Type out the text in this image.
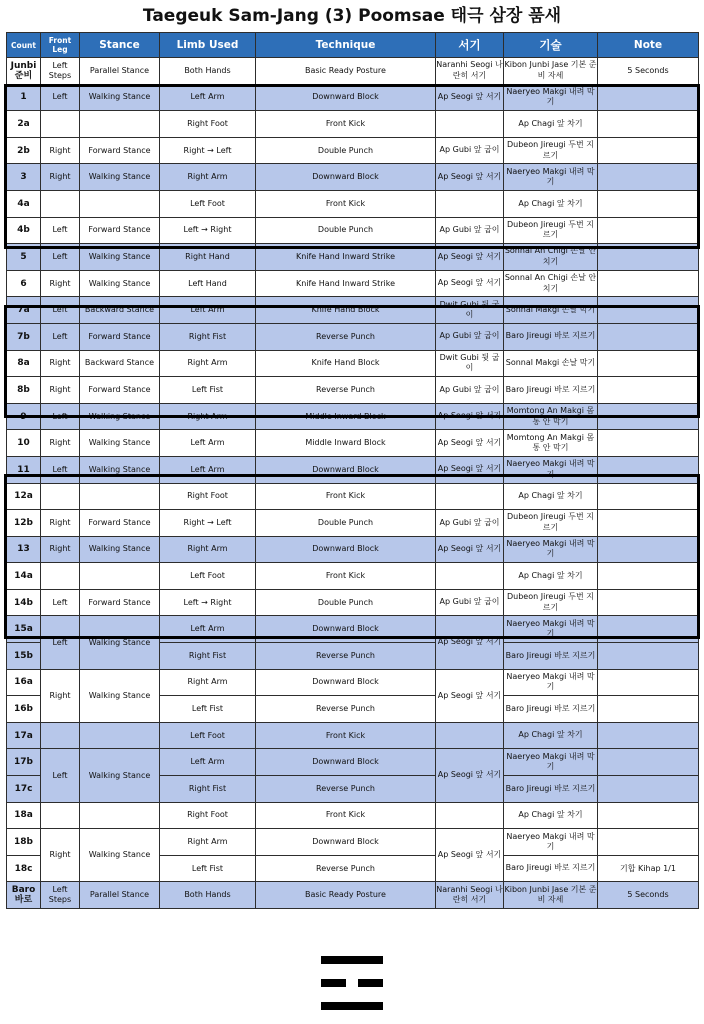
Taegeuk Sam-Jang (3) Poomsae 태극 삼장 품새
Count	Front Leg	Stance	Limb Used	Technique	서기	기술	Note
Junbi 준비	Left Steps	Parallel Stance	Both Hands	Basic Ready Posture	Naranhi Seogi 나란히 서기	Kibon Junbi Jase 기본 준비 자세	5 Seconds
1	Left	Walking Stance	Left Arm	Downward Block	Ap Seogi 앞 서기	Naeryeo Makgi 내려 막기	
2a			Right Foot	Front Kick		Ap Chagi 앞 차기	
2b	Right	Forward Stance	Right → Left	Double Punch	Ap Gubi 앞 굽이	Dubeon Jireugi 두번 지르기	
3	Right	Walking Stance	Right Arm	Downward Block	Ap Seogi 앞 서기	Naeryeo Makgi 내려 막기	
4a			Left Foot	Front Kick		Ap Chagi 앞 차기	
4b	Left	Forward Stance	Left → Right	Double Punch	Ap Gubi 앞 굽이	Dubeon Jireugi 두번 지르기	
5	Left	Walking Stance	Right Hand	Knife Hand Inward Strike	Ap Seogi 앞 서기	Sonnal An Chigi 손날 안 치기	
6	Right	Walking Stance	Left Hand	Knife Hand Inward Strike	Ap Seogi 앞 서기	Sonnal An Chigi 손날 안 치기	
7a	Left	Backward Stance	Left Arm	Knife Hand Block	Dwit Gubi 뒷 굽이	Sonnal Makgi 손날 막기	
7b	Left	Forward Stance	Right Fist	Reverse Punch	Ap Gubi 앞 굽이	Baro Jireugi 바로 지르기	
8a	Right	Backward Stance	Right Arm	Knife Hand Block	Dwit Gubi 뒷 굽이	Sonnal Makgi 손날 막기	
8b	Right	Forward Stance	Left Fist	Reverse Punch	Ap Gubi 앞 굽이	Baro Jireugi 바로 지르기	
9	Left	Walking Stance	Right Arm	Middle Inward Block	Ap Seogi 앞 서기	Momtong An Makgi 몸통 안 막기	
10	Right	Walking Stance	Left Arm	Middle Inward Block	Ap Seogi 앞 서기	Momtong An Makgi 몸통 안 막기	
11	Left	Walking Stance	Left Arm	Downward Block	Ap Seogi 앞 서기	Naeryeo Makgi 내려 막기	
12a			Right Foot	Front Kick		Ap Chagi 앞 차기	
12b	Right	Forward Stance	Right → Left	Double Punch	Ap Gubi 앞 굽이	Dubeon Jireugi 두번 지르기	
13	Right	Walking Stance	Right Arm	Downward Block	Ap Seogi 앞 서기	Naeryeo Makgi 내려 막기	
14a			Left Foot	Front Kick		Ap Chagi 앞 차기	
14b	Left	Forward Stance	Left → Right	Double Punch	Ap Gubi 앞 굽이	Dubeon Jireugi 두번 지르기	
15a	Left	Walking Stance	Left Arm	Downward Block	Ap Seogi 앞 서기	Naeryeo Makgi 내려 막기	
15b			Right Fist	Reverse Punch		Baro Jireugi 바로 지르기	
16a	Right	Walking Stance	Right Arm	Downward Block	Ap Seogi 앞 서기	Naeryeo Makgi 내려 막기	
16b			Left Fist	Reverse Punch		Baro Jireugi 바로 지르기	
17a			Left Foot	Front Kick		Ap Chagi 앞 차기	
17b	Left	Walking Stance	Left Arm	Downward Block	Ap Seogi 앞 서기	Naeryeo Makgi 내려 막기	
17c			Right Fist	Reverse Punch		Baro Jireugi 바로 지르기	
18a			Right Foot	Front Kick		Ap Chagi 앞 차기	
18b	Right	Walking Stance	Right Arm	Downward Block	Ap Seogi 앞 서기	Naeryeo Makgi 내려 막기	
18c			Left Fist	Reverse Punch		Baro Jireugi 바로 지르기	기합 Kihap 1/1
Baro 바로	Left Steps	Parallel Stance	Both Hands	Basic Ready Posture	Naranhi Seogi 나란히 서기	Kibon Junbi Jase 기본 준비 자세	5 Seconds
